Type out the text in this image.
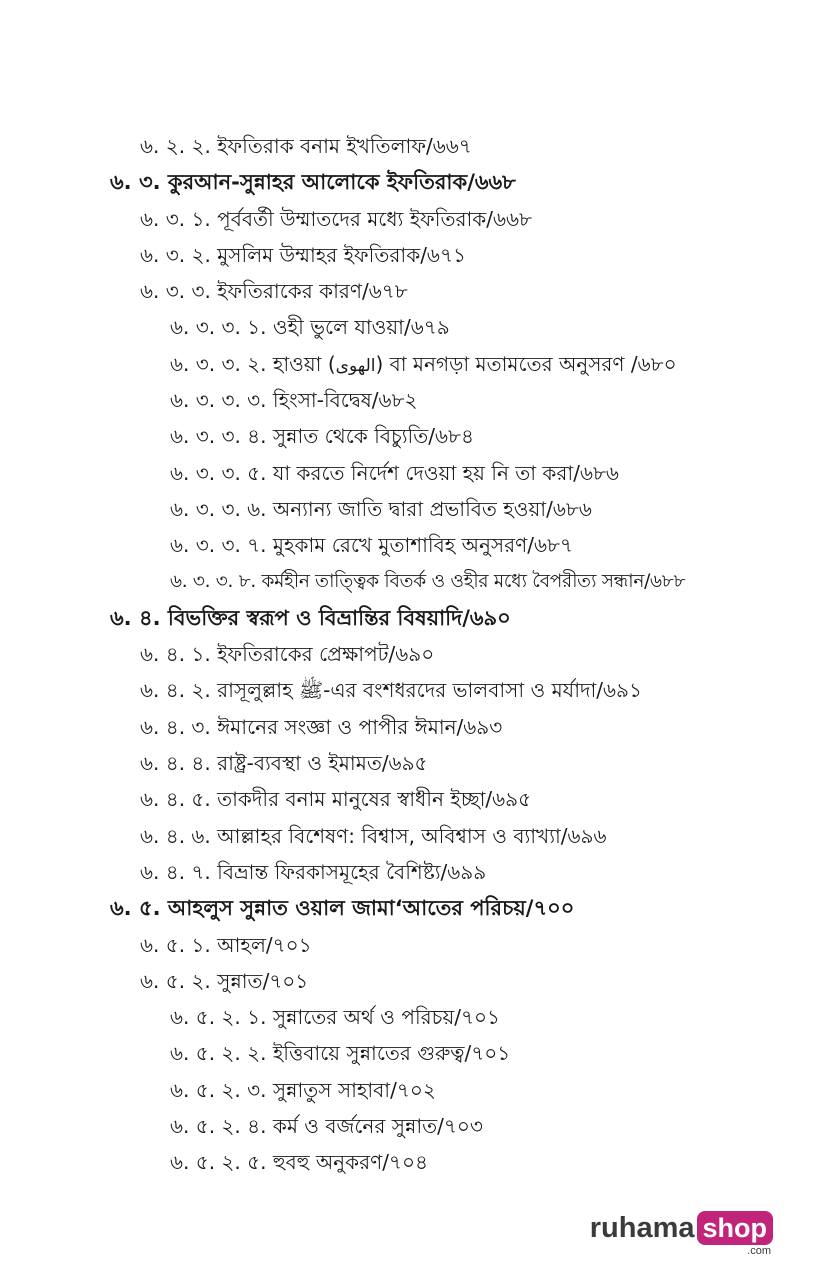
৬. ২. ২. ইফতিরাক বনাম ইখতিলাফ/৬৬৭
৬. ৩. কুরআন-সুন্নাহর আলোকে ইফতিরাক/৬৬৮
৬. ৩. ১. পূর্ববর্তী উম্মাতদের মধ্যে ইফতিরাক/৬৬৮
৬. ৩. ২. মুসলিম উম্মাহর ইফতিরাক/৬৭১
৬. ৩. ৩. ইফতিরাকের কারণ/৬৭৮
৬. ৩. ৩. ১. ওহী ভুলে যাওয়া/৬৭৯
৬. ৩. ৩. ২. হাওয়া (الهوى) বা মনগড়া মতামতের অনুসরণ /৬৮০
৬. ৩. ৩. ৩. হিংসা-বিদ্বেষ/৬৮২
৬. ৩. ৩. ৪. সুন্নাত থেকে বিচ্যুতি/৬৮৪
৬. ৩. ৩. ৫. যা করতে নির্দেশ দেওয়া হয় নি তা করা/৬৮৬
৬. ৩. ৩. ৬. অন্যান্য জাতি দ্বারা প্রভাবিত হওয়া/৬৮৬
৬. ৩. ৩. ৭. মুহকাম রেখে মুতাশাবিহ অনুসরণ/৬৮৭
৬. ৩. ৩. ৮. কর্মহীন তাত্ত্বিক বিতর্ক ও ওহীর মধ্যে বৈপরীত্য সন্ধান/৬৮৮
৬. ৪. বিভক্তির স্বরূপ ও বিভ্রান্তির বিষয়াদি/৬৯০
৬. ৪. ১. ইফতিরাকের প্রেক্ষাপট/৬৯০
৬. ৪. ২. রাসূলুল্লাহ ﷺ-এর বংশধরদের ভালবাসা ও মর্যাদা/৬৯১
৬. ৪. ৩. ঈমানের সংজ্ঞা ও পাপীর ঈমান/৬৯৩
৬. ৪. ৪. রাষ্ট্র-ব্যবস্থা ও ইমামত/৬৯৫
৬. ৪. ৫. তাকদীর বনাম মানুষের স্বাধীন ইচ্ছা/৬৯৫
৬. ৪. ৬. আল্লাহর বিশেষণ: বিশ্বাস, অবিশ্বাস ও ব্যাখ্যা/৬৯৬
৬. ৪. ৭. বিভ্রান্ত ফিরকাসমূহের বৈশিষ্ট্য/৬৯৯
৬. ৫. আহলুস সুন্নাত ওয়াল জামা‘আতের পরিচয়/৭০০
৬. ৫. ১. আহল/৭০১
৬. ৫. ২. সুন্নাত/৭০১
৬. ৫. ২. ১. সুন্নাতের অর্থ ও পরিচয়/৭০১
৬. ৫. ২. ২. ইত্তিবায়ে সুন্নাতের গুরুত্ব/৭০১
৬. ৫. ২. ৩. সুন্নাতুস সাহাবা/৭০২
৬. ৫. ২. ৪. কর্ম ও বর্জনের সুন্নাত/৭০৩
৬. ৫. ২. ৫. হুবহু অনুকরণ/৭০৪
ruhama shop
.com
